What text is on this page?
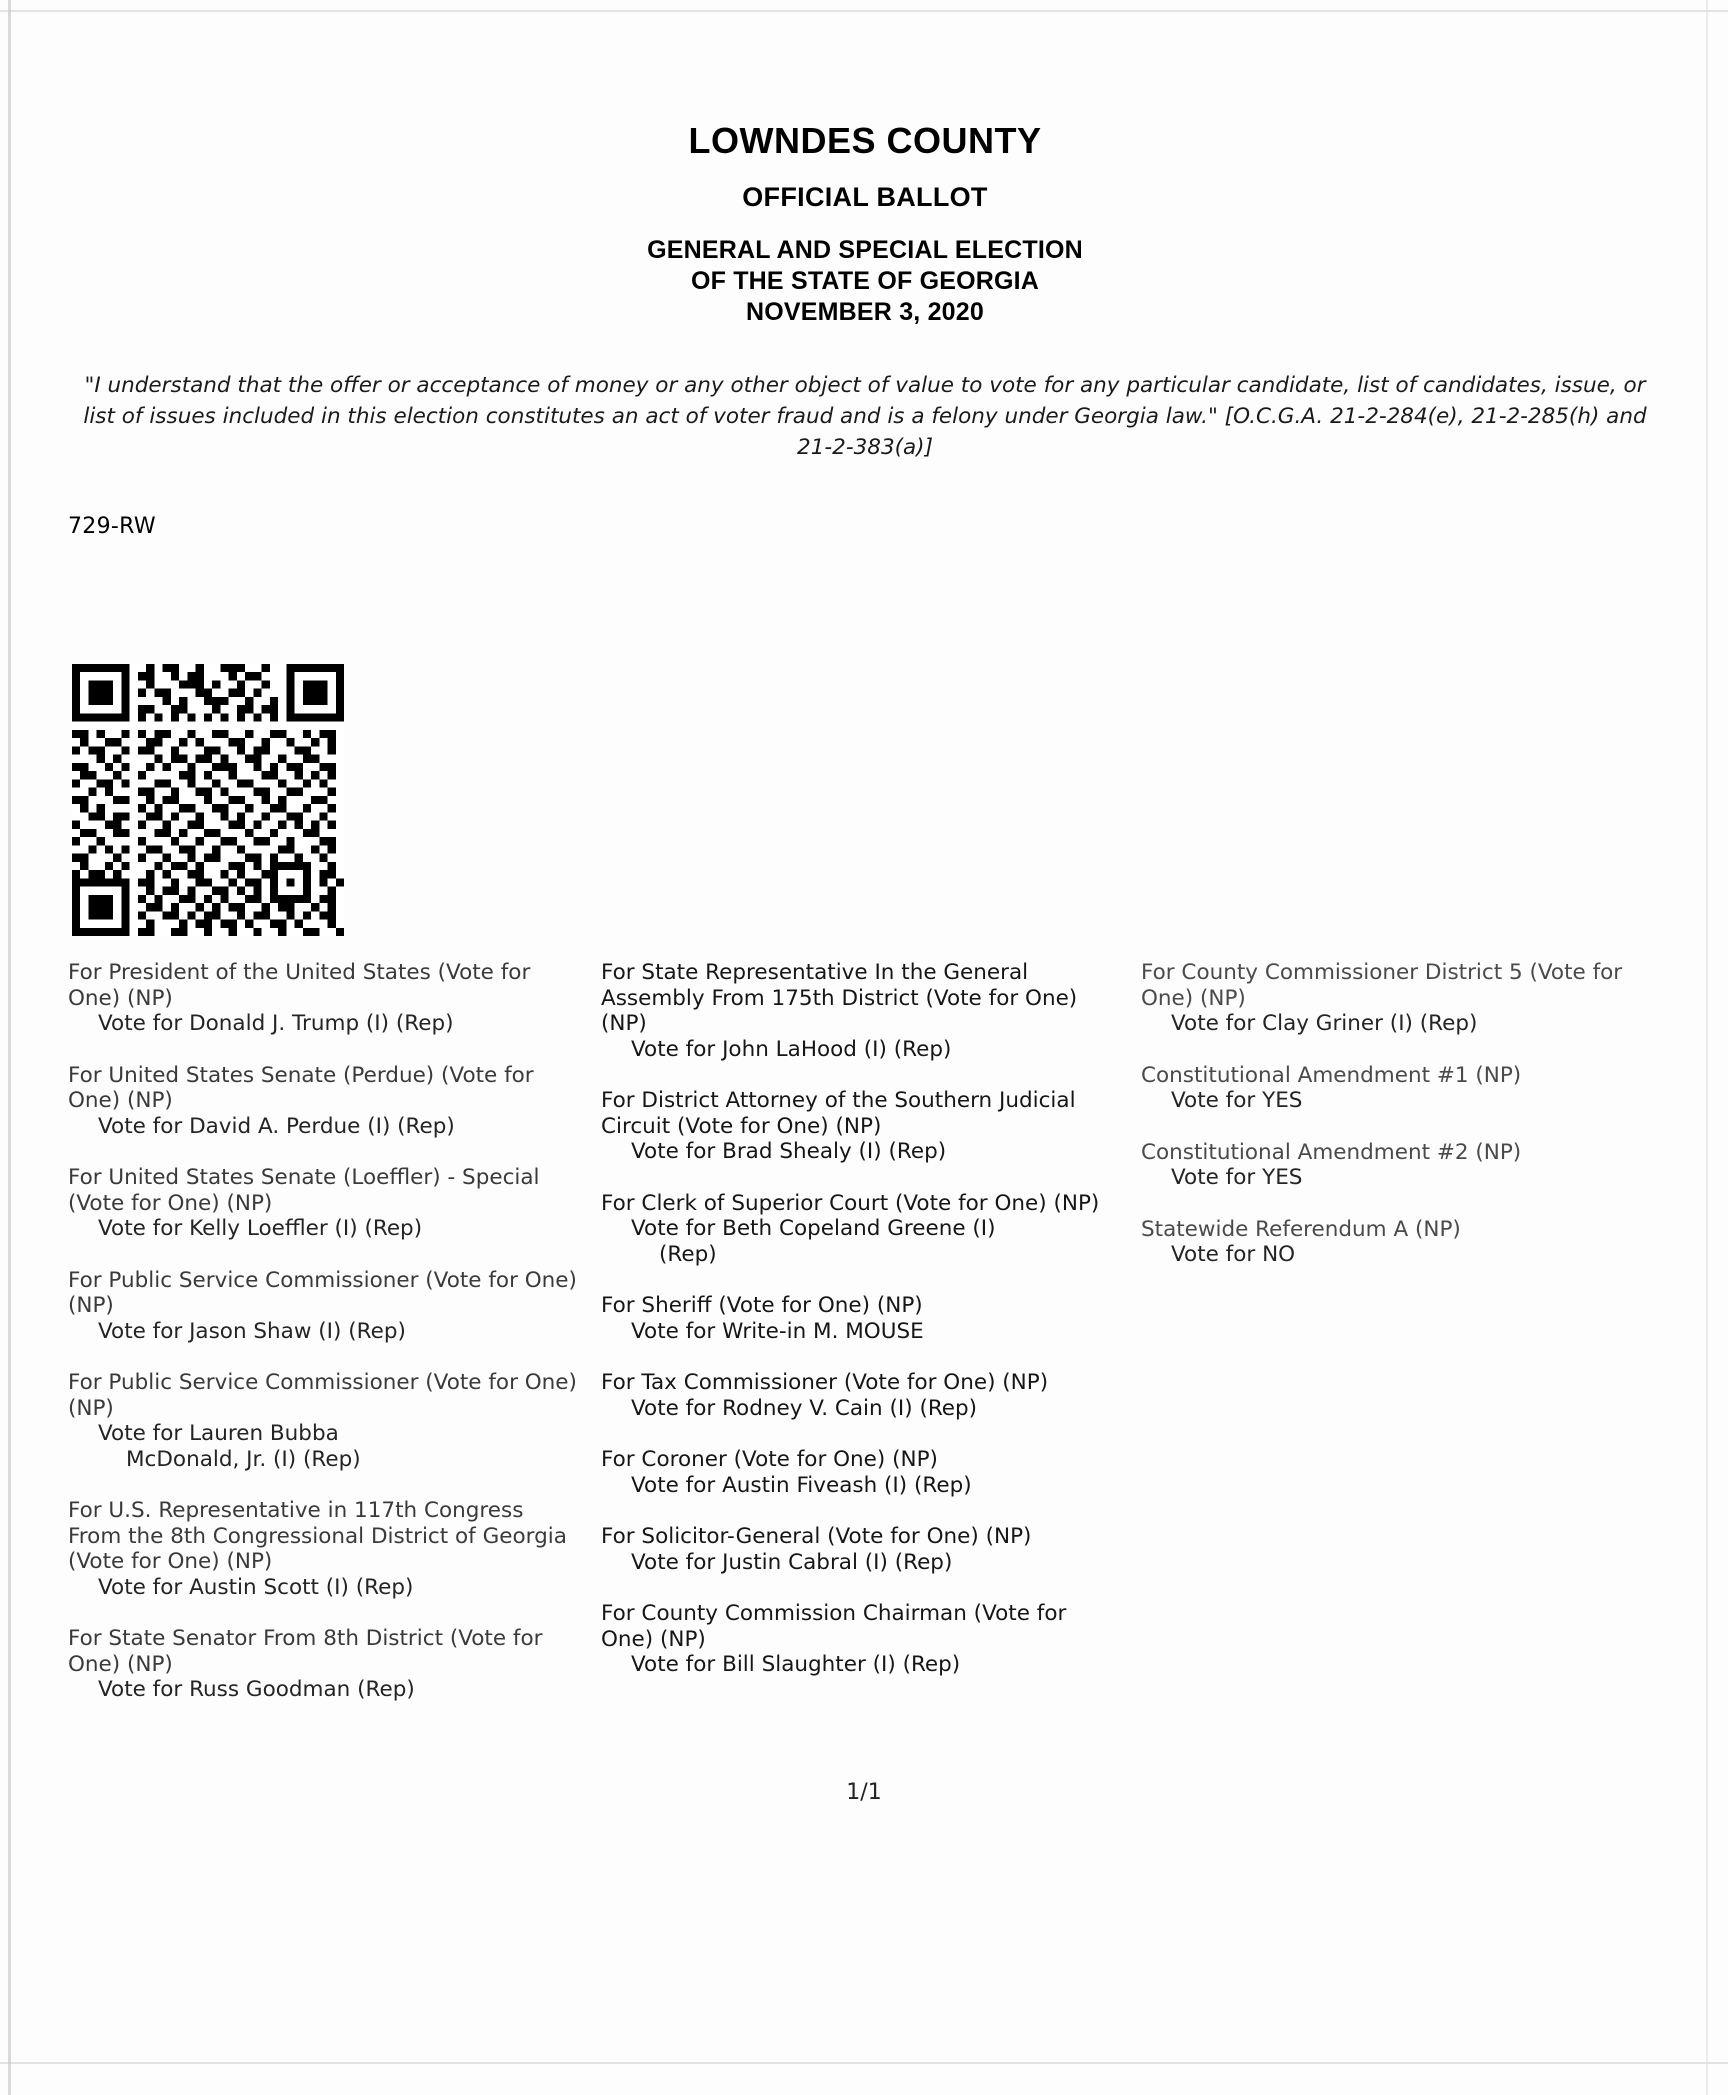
LOWNDES COUNTY
OFFICIAL BALLOT
GENERAL AND SPECIAL ELECTION
OF THE STATE OF GEORGIA
NOVEMBER 3, 2020
"I understand that the offer or acceptance of money or any other object of value to vote for any particular candidate, list of candidates, issue, or list of issues included in this election constitutes an act of voter fraud and is a felony under Georgia law." [O.C.G.A. 21-2-284(e), 21-2-285(h) and 21-2-383(a)]
729-RW
For President of the United States (Vote for One) (NP)
Vote for Donald J. Trump (I) (Rep)
For United States Senate (Perdue) (Vote for One) (NP)
Vote for David A. Perdue (I) (Rep)
For United States Senate (Loeffler) - Special (Vote for One) (NP)
Vote for Kelly Loeffler (I) (Rep)
For Public Service Commissioner (Vote for One) (NP)
Vote for Jason Shaw (I) (Rep)
For Public Service Commissioner (Vote for One) (NP)
Vote for Lauren Bubba
McDonald, Jr. (I) (Rep)
For U.S. Representative in 117th Congress From the 8th Congressional District of Georgia (Vote for One) (NP)
Vote for Austin Scott (I) (Rep)
For State Senator From 8th District (Vote for One) (NP)
Vote for Russ Goodman (Rep)
For State Representative In the General Assembly From 175th District (Vote for One) (NP)
Vote for John LaHood (I) (Rep)
For District Attorney of the Southern Judicial Circuit (Vote for One) (NP)
Vote for Brad Shealy (I) (Rep)
For Clerk of Superior Court (Vote for One) (NP)
Vote for Beth Copeland Greene (I)
(Rep)
For Sheriff (Vote for One) (NP)
Vote for Write-in M. MOUSE
For Tax Commissioner (Vote for One) (NP)
Vote for Rodney V. Cain (I) (Rep)
For Coroner (Vote for One) (NP)
Vote for Austin Fiveash (I) (Rep)
For Solicitor-General (Vote for One) (NP)
Vote for Justin Cabral (I) (Rep)
For County Commission Chairman (Vote for One) (NP)
Vote for Bill Slaughter (I) (Rep)
For County Commissioner District 5 (Vote for One) (NP)
Vote for Clay Griner (I) (Rep)
Constitutional Amendment #1 (NP)
Vote for YES
Constitutional Amendment #2 (NP)
Vote for YES
Statewide Referendum A (NP)
Vote for NO
1/1
